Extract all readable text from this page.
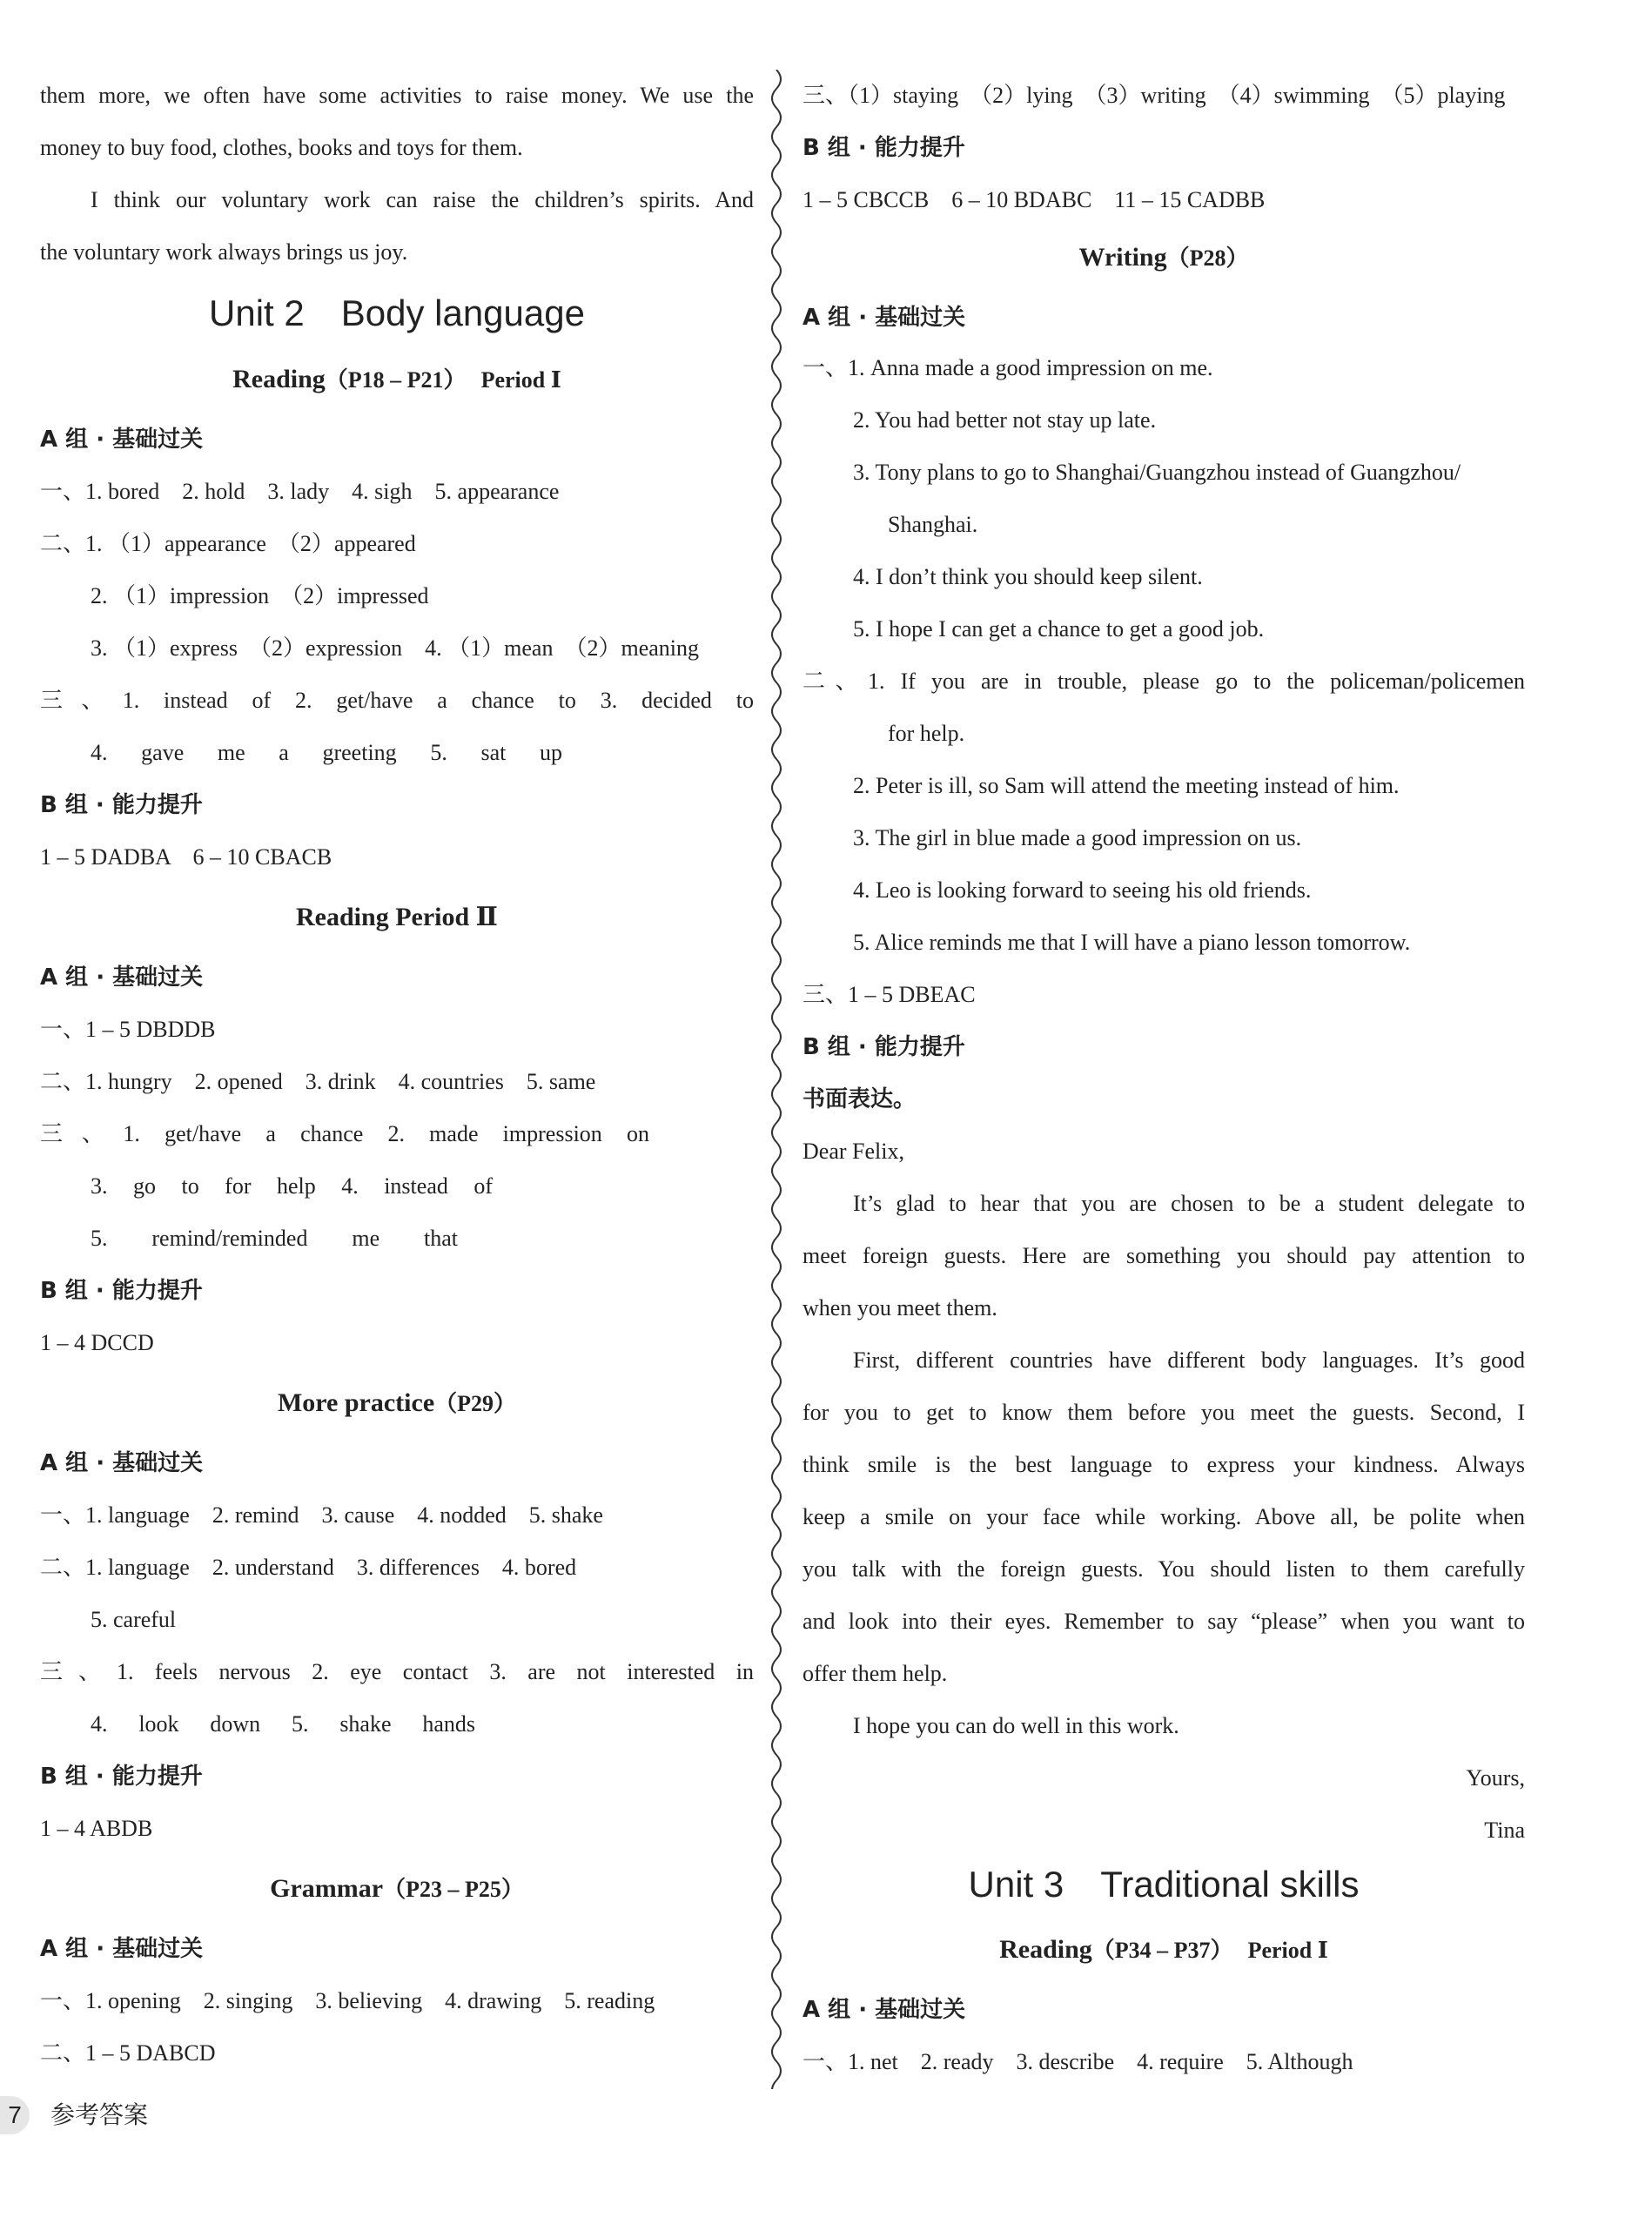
them more, we often have some activities to raise money. We use the
money to buy food, clothes, books and toys for them.
I think our voluntary work can raise the children’s spirits. And
the voluntary work always brings us joy.
Unit 2　Body language
Reading（P18 – P21）　 Period Ⅰ
A 组 · 基础过关
一、1. bored　2. hold　3. lady　4. sigh　5. appearance
二、1. （1）appearance　（2）appeared
2. （1）impression　（2）impressed
3. （1）express　（2）expression　4. （1）mean　（2）meaning
三、1. instead of 2. get/have a chance to 3. decided to
4. gave me a greeting 5. sat up
B 组 · 能力提升
1 – 5 DADBA　6 – 10 CBACB
Reading Period Ⅱ
A 组 · 基础过关
一、1 – 5 DBDDB
二、1. hungry　2. opened　3. drink　4. countries　5. same
三、1. get/have a chance 2. made impression on
3. go to for help 4. instead of
5. remind/reminded me that
B 组 · 能力提升
1 – 4 DCCD
More practice（P29）
A 组 · 基础过关
一、1. language　2. remind　3. cause　4. nodded　5. shake
二、1. language　2. understand　3. differences　4. bored
5. careful
三、1. feels nervous 2. eye contact 3. are not interested in
4. look down 5. shake hands
B 组 · 能力提升
1 – 4 ABDB
Grammar（P23 – P25）
A 组 · 基础过关
一、1. opening　2. singing　3. believing　4. drawing　5. reading
二、1 – 5 DABCD
三、（1）staying　（2）lying　（3）writing　（4）swimming　（5）playing
B 组 · 能力提升
1 – 5 CBCCB　6 – 10 BDABC　11 – 15 CADBB
Writing（P28）
A 组 · 基础过关
一、1. Anna made a good impression on me.
2. You had better not stay up late.
3. Tony plans to go to Shanghai/Guangzhou instead of Guangzhou/
Shanghai.
4. I don’t think you should keep silent.
5. I hope I can get a chance to get a good job.
二、1. If you are in trouble, please go to the policeman/policemen
for help.
2. Peter is ill, so Sam will attend the meeting instead of him.
3. The girl in blue made a good impression on us.
4. Leo is looking forward to seeing his old friends.
5. Alice reminds me that I will have a piano lesson tomorrow.
三、1 – 5 DBEAC
B 组 · 能力提升
书面表达。
Dear Felix,
It’s glad to hear that you are chosen to be a student delegate to
meet foreign guests. Here are something you should pay attention to
when you meet them.
First, different countries have different body languages. It’s good
for you to get to know them before you meet the guests. Second, I
think smile is the best language to express your kindness. Always
keep a smile on your face while working. Above all, be polite when
you talk with the foreign guests. You should listen to them carefully
and look into their eyes. Remember to say “please” when you want to
offer them help.
I hope you can do well in this work.
Yours,
Tina
Unit 3　Traditional skills
Reading（P34 – P37）　 Period Ⅰ
A 组 · 基础过关
一、1. net　2. ready　3. describe　4. require　5. Although
7	参考答案
